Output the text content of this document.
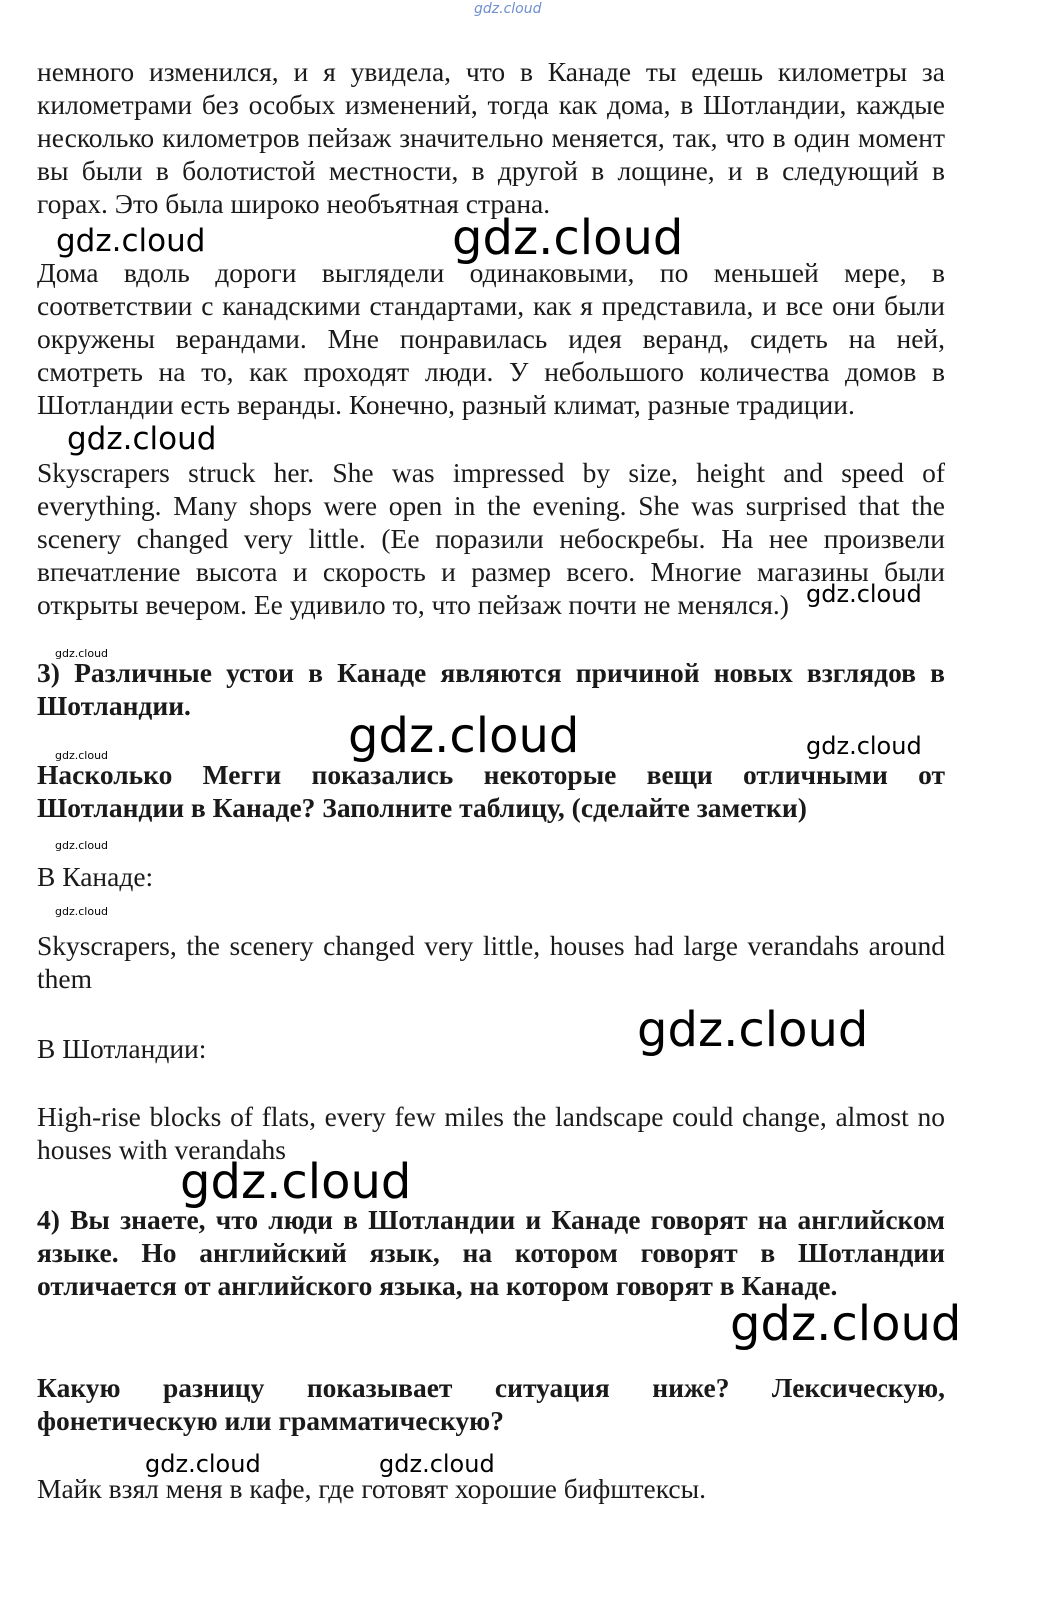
gdz.cloud

немного изменился, и я увидела, что в Канаде ты едешь километры за километрами без особых изменений, тогда как дома, в Шотландии, каждые несколько километров пейзаж значительно меняется, так, что в один момент вы были в болотистой местности, в другой в лощине, и в следующий в горах. Это была широко необъятная страна.

gdz.cloud	gdz.cloud

Дома вдоль дороги выглядели одинаковыми, по меньшей мере, в соответствии с канадскими стандартами, как я представила, и все они были окружены верандами. Мне понравилась идея веранд, сидеть на ней, смотреть на то, как проходят люди. У небольшого количества домов в Шотландии есть веранды. Конечно, разный климат, разные традиции.

gdz.cloud

Skyscrapers struck her. She was impressed by size, height and speed of everything. Many shops were open in the evening. She was surprised that the scenery changed very little. (Ее поразили небоскребы. На нее произвели впечатление высота и скорость и размер всего. Многие магазины были открыты вечером. Ее удивило то, что пейзаж почти не менялся.) gdz.cloud
gdz.cloud

3) Различные устои в Канаде являются причиной новых взглядов в Шотландии.

gdz.cloud	gdz.cloud	gdz.cloud

Насколько Мегги показались некоторые вещи отличными от Шотландии в Канаде? Заполните таблицу, (сделайте заметки)

gdz.cloud

В Канаде:

gdz.cloud

Skyscrapers, the scenery changed very little, houses had large verandahs around them

gdz.cloud

В Шотландии:

High-rise blocks of flats, every few miles the landscape could change, almost no houses with verandahs

gdz.cloud

4) Вы знаете, что люди в Шотландии и Канаде говорят на английском языке. Но английский язык, на котором говорят в Шотландии отличается от английского языка, на котором говорят в Канаде.

gdz.cloud

Какую разницу показывает ситуация ниже? Лексическую, фонетическую или грамматическую?

gdz.cloud	gdz.cloud

Майк взял меня в кафе, где готовят хорошие бифштексы.
